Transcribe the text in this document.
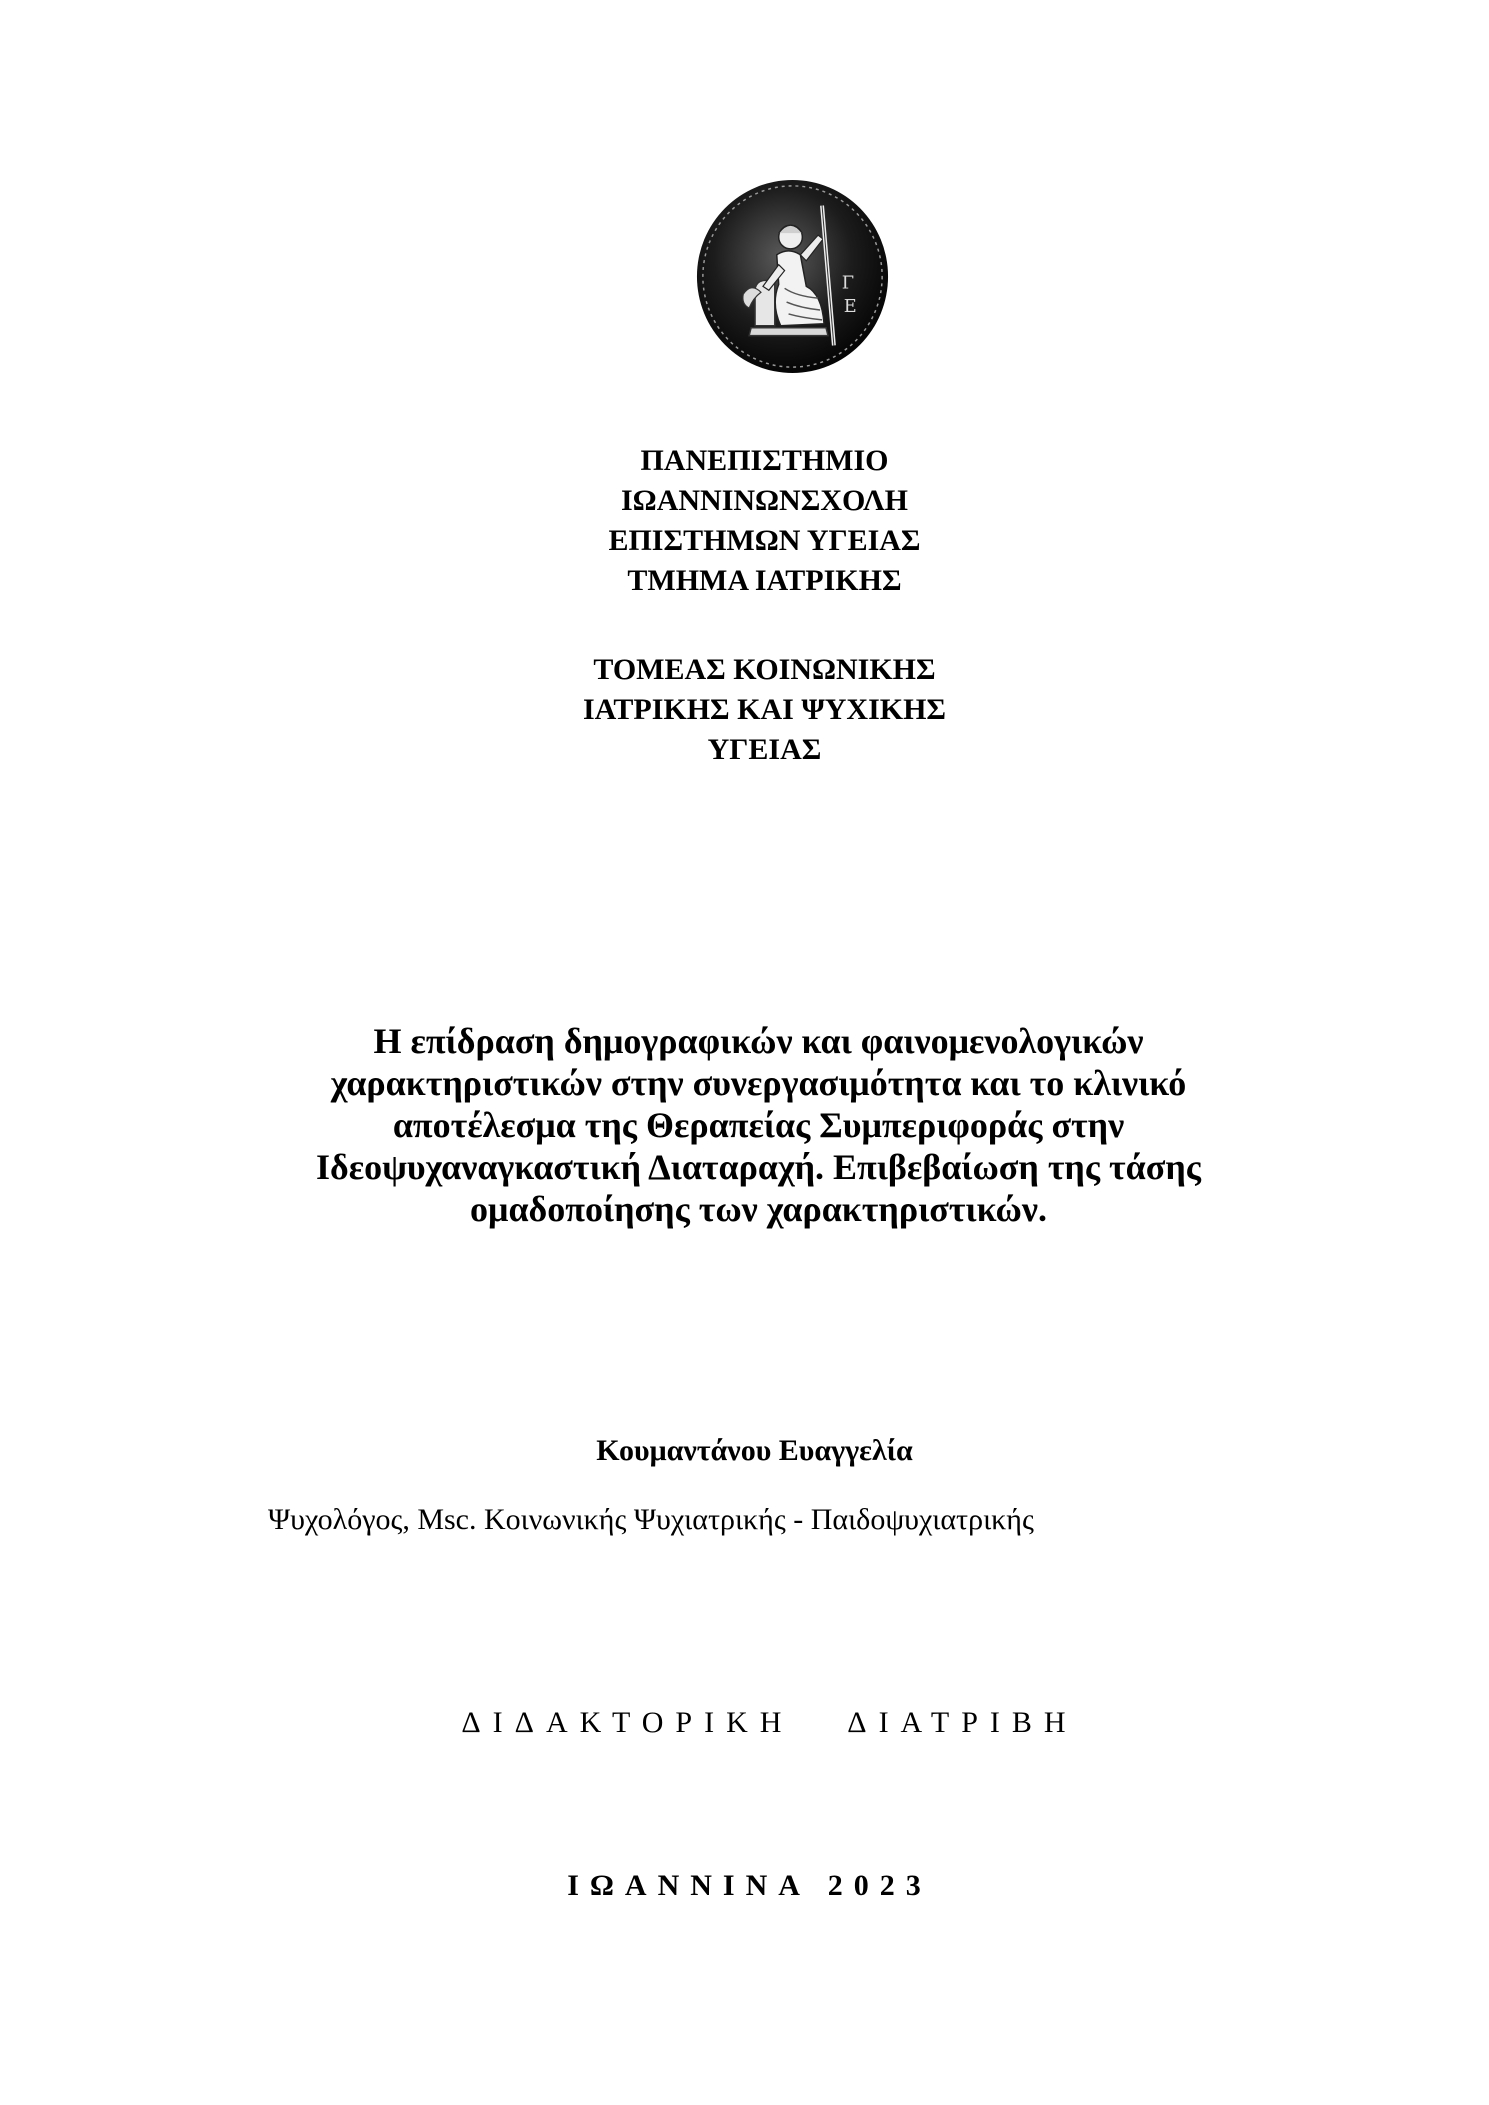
Γ
Ε
ΠΑΝΕΠΙΣΤΗΜΙΟ
ΙΩΑΝΝΙΝΩΝΣΧΟΛΗ
ΕΠΙΣΤΗΜΩΝ ΥΓΕΙΑΣ
ΤΜΗΜΑ ΙΑΤΡΙΚΗΣ
ΤΟΜΕΑΣ ΚΟΙΝΩΝΙΚΗΣ
ΙΑΤΡΙΚΗΣ ΚΑΙ ΨΥΧΙΚΗΣ
ΥΓΕΙΑΣ
Η επίδραση δημογραφικών και φαινομενολογικών
χαρακτηριστικών στην συνεργασιμότητα και το κλινικό
αποτέλεσμα της Θεραπείας Συμπεριφοράς στην
Ιδεοψυχαναγκαστική Διαταραχή. Επιβεβαίωση της τάσης
ομαδοποίησης των χαρακτηριστικών.
Κουμαντάνου Ευαγγελία
Ψυχολόγος, Msc. Κοινωνικής Ψυχιατρικής - Παιδοψυχιατρικής
ΔΙΔΑΚΤΟΡΙΚΗ ΔΙΑΤΡΙΒΗ
ΙΩΑΝΝΙΝΑ 2023
